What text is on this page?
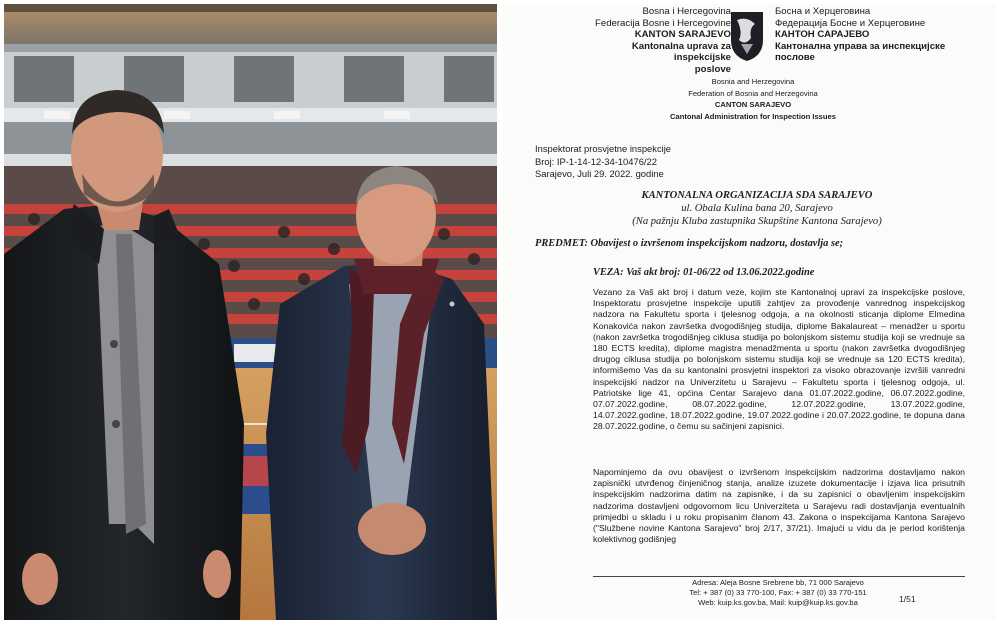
Bosna i Hercegovina
Federacija Bosne i Hercegovine
KANTON SARAJEVO
Kantonalna uprava za inspekcijske
poslove
Босна и Херцеговина
Федерација Босне и Херцеговине
КАНТОН САРАЈЕВО
Кантонална управа за инспекцијске
послове
Bosnia and Herzegovina
Federation of Bosnia and Herzegovina
CANTON SARAJEVO
Cantonal Administration for Inspection Issues
Inspektorat prosvjetne inspekcije
Broj: IP-1-14-12-34-10476/22
Sarajevo, Juli 29. 2022. godine
KANTONALNA ORGANIZACIJA SDA SARAJEVO
ul. Obala Kulina bana 20, Sarajevo
(Na pažnju Kluba zastupnika Skupštine Kantona Sarajevo)
PREDMET: Obavijest o izvršenom inspekcijskom nadzoru, dostavlja se;
VEZA: Vaš akt broj: 01-06/22 od 13.06.2022.godine
Vezano za Vaš akt broj i datum veze, kojim ste Kantonalnoj upravi za inspekcijske poslove, Inspektoratu prosvjetne inspekcije uputili zahtjev za provođenje vanrednog inspekcijskog nadzora na Fakultetu sporta i tjelesnog odgoja, a na okolnosti sticanja diplome Elmedina Konakovića nakon završetka dvogodišnjeg studija, diplome Bakalaureat – menadžer u sportu (nakon završetka trogodišnjeg ciklusa studija po bolonjskom sistemu studija koji se vrednuje sa 180 ECTS kredita), diplome magistra menadžmenta u sportu (nakon završetka dvogodišnjeg drugog ciklusa studija po bolonjskom sistemu studija koji se vrednuje sa 120 ECTS kredita), informišemo Vas da su kantonalni prosvjetni inspektori za visoko obrazovanje izvršili vanredni inspekcijski nadzor na Univerzitetu u Sarajevu – Fakultetu sporta i tjelesnog odgoja, ul. Patriotske lige 41, općina Centar Sarajevo dana 01.07.2022.godine, 06.07.2022.godine, 07.07.2022.godine, 08.07.2022.godine, 12.07.2022.godine, 13.07.2022.godine, 14.07.2022.godine, 18.07.2022.godine, 19.07.2022.godine i 20.07.2022.godine, te dopuna dana 28.07.2022.godine, o čemu su sačinjeni zapisnici.
Napominjemo da ovu obavijest o izvršenom inspekcijskim nadzorima dostavljamo nakon zapisnički utvrđenog činjeničnog stanja, analize izuzete dokumentacije i izjava lica prisutnih inspekcijskim nadzorima datim na zapisnike, i da su zapisnici o obavljenim inspekcijskim nadzorima dostavljeni odgovornom licu Univerziteta u Sarajevu radi dostavljanja eventualnih primjedbi u skladu i u roku propisanim članom 43. Zakona o inspekcijama Kantona Sarajevo ("Službene novine Kantona Sarajevo" broj 2/17, 37/21). Imajući u vidu da je period korištenja kolektivnog godišnjeg
Adresa: Aleja Bosne Srebrene bb, 71 000 Sarajevo
Tel: + 387 (0) 33 770-100, Fax: + 387 (0) 33 770-151
Web: kuip.ks.gov.ba, Mail: kuip@kuip.ks.gov.ba	1/51
